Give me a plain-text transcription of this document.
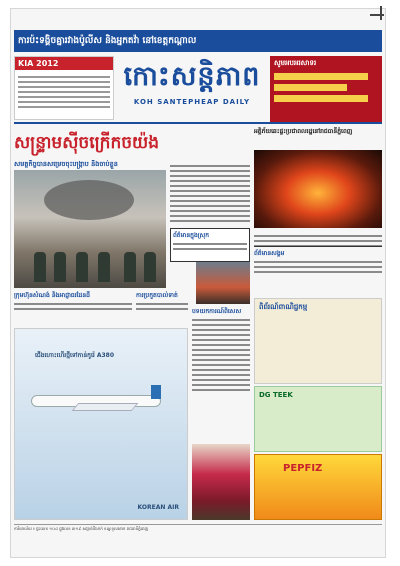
ការប៉ះទង្គិចគ្នារវាងប៉ូលីស និងអ្នកតវ៉ា នៅខេត្តកណ្តាល
KIA 2012	កោះសន្តិភាព
KOH SANTEPHEAP DAILY
សូមអបអរសាទរ
សន្ទ្រាមសុីចក្រើកចយ៉ង
សមត្ថកិច្ចបានសម្រេចចុះបង្ក្រាប និងចាប់ខ្លួន
ព័ត៌មានក្នុងស្រុក
អគ្គិភ័យឆេះផ្ទះប្រជាពលរដ្ឋនៅរាជធានីភ្នំពេញ
ព័ត៌មានសង្គម
ក្រុមហ៊ុនសំណង់ និងអាជ្ញាធរដែនដី	ការប្រកួតបាល់ទាត់
ជើងហោះហើរថ្មីទៅកាន់កូរ៉េ A380
KOREAN AIR
បទយកការណ៍ពិសេស
ពិព័រណ៍ពាណិជ្ជកម្ម
DG TEEK
PEPFIZ
ការិយាល័យ ៖ ផ្ទះលេខ ១០៤ ផ្លូវលេខ ៣១៩ សង្កាត់បឹងកក់ ខណ្ឌទួលគោក រាជធានីភ្នំពេញ
